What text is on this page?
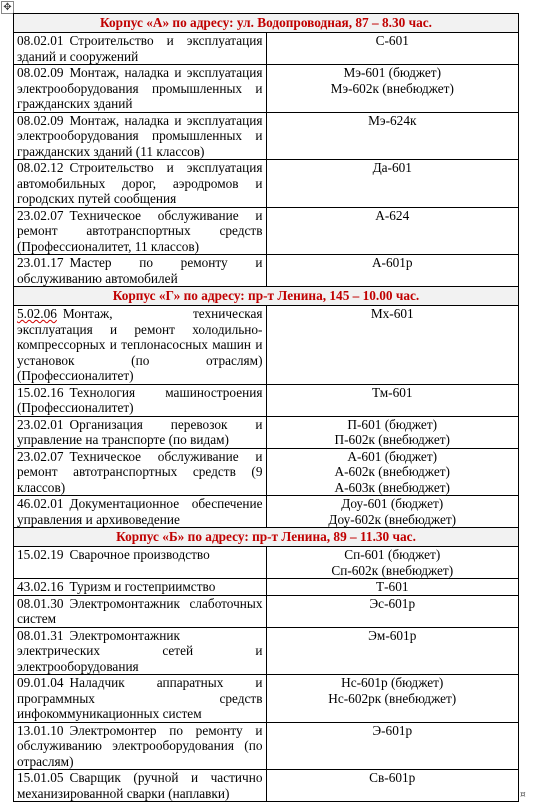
✥
Корпус «А» по адресу: ул. Водопроводная, 87 – 8.30 час.	
08.02.01 Строительство и эксплуатация зданий и сооружений	С-601

08.02.09 Монтаж, наладка и эксплуатация электрооборудования промышленных и гражданских зданий	Мэ-601 (бюджет)
Мэ-602к (внебюджет)

08.02.09 Монтаж, наладка и эксплуатация электрооборудования промышленных и гражданских зданий (11 классов)	Мэ-624к

08.02.12 Строительство и эксплуатация автомобильных дорог, аэродромов и городских путей сообщения	Да-601

23.02.07 Техническое обслуживание и ремонт автотранспортных средств (Профессионалитет, 11 классов)	А-624

23.01.17 Мастер по ремонту и обслуживанию автомобилей	А-601р

Корпус «Г» по адресу: пр-т Ленина, 145 – 10.00 час.	
5.02.06 Монтаж, техническая эксплуатация и ремонт холодильно-компрессорных и теплонасосных машин и установок (по отраслям) (Профессионалитет)	Мх-601

15.02.16 Технология машиностроения (Профессионалитет)	Тм-601

23.02.01 Организация перевозок и управление на транспорте (по видам)	П-601 (бюджет)
П-602к (внебюджет)

23.02.07 Техническое обслуживание и ремонт автотранспортных средств (9 классов)	А-601 (бюджет)
А-602к (внебюджет)
А-603к (внебюджет)

46.02.01 Документационное обеспечение управления и архивоведение	Доу-601 (бюджет)
Доу-602к (внебюджет)

Корпус «Б» по адресу: пр-т Ленина, 89 – 11.30 час.	
15.02.19 Сварочное производство	Сп-601 (бюджет)
Сп-602к (внебюджет)

43.02.16 Туризм и гостеприимство	Т-601

08.01.30 Электромонтажник слаботочных систем	Эс-601р

08.01.31 Электромонтажник электрических сетей и электрооборудования	Эм-601р

09.01.04 Наладчик аппаратных и программных средств инфокоммуникационных систем	Нс-601р (бюджет)
Нс-602рк (внебюджет)

13.01.10 Электромонтер по ремонту и обслуживанию электрооборудования (по отраслям)	Э-601р

15.01.05 Сварщик (ручной и частично механизированной сварки (наплавки)	Св-601р
¤
